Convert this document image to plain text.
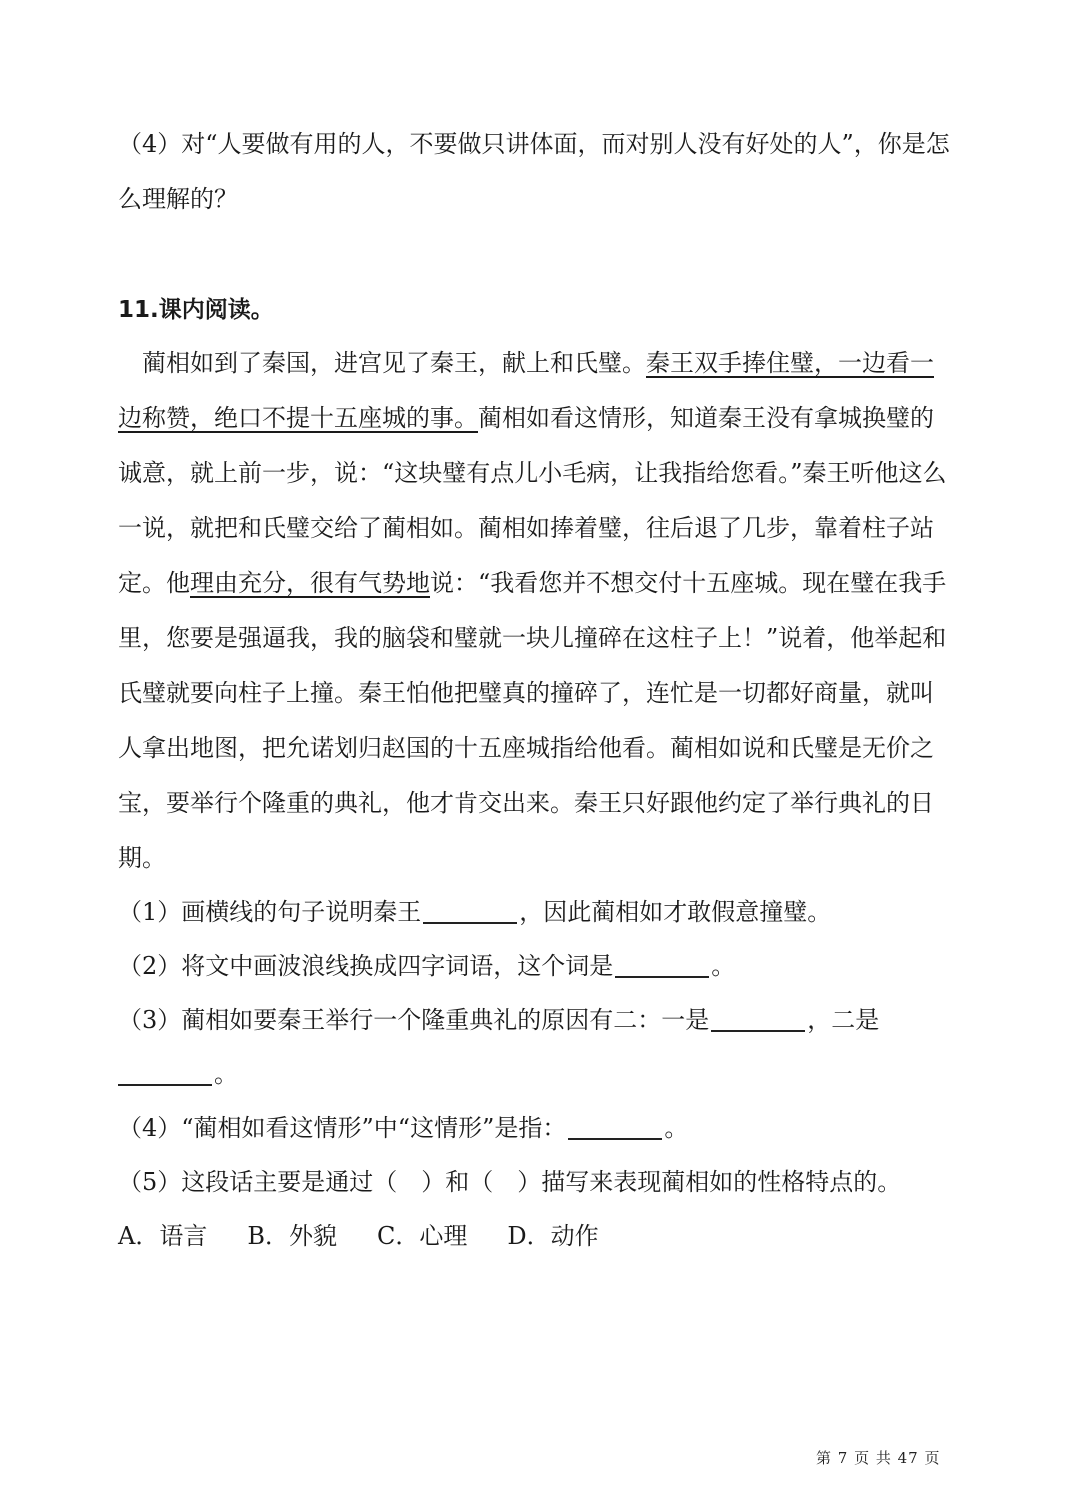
（4）对“人要做有用的人，不要做只讲体面，而对别人没有好处的人”，你是怎
么理解的？
11.课内阅读。
　蔺相如到了秦国，进宫见了秦王，献上和氏璧。秦王双手捧住璧，一边看一
边称赞，绝口不提十五座城的事。蔺相如看这情形，知道秦王没有拿城换璧的
诚意，就上前一步，说：“这块璧有点儿小毛病，让我指给您看。”秦王听他这么
一说，就把和氏璧交给了蔺相如。蔺相如捧着璧，往后退了几步，靠着柱子站
定。他理由充分，很有气势地说：“我看您并不想交付十五座城。现在璧在我手
里，您要是强逼我，我的脑袋和璧就一块儿撞碎在这柱子上！”说着，他举起和
氏璧就要向柱子上撞。秦王怕他把璧真的撞碎了，连忙是一切都好商量，就叫
人拿出地图，把允诺划归赵国的十五座城指给他看。蔺相如说和氏璧是无价之
宝，要举行个隆重的典礼，他才肯交出来。秦王只好跟他约定了举行典礼的日
期。
（1）画横线的句子说明秦王	，因此蔺相如才敢假意撞璧。
（2）将文中画波浪线换成四字词语，这个词是	。
（3）蔺相如要秦王举行一个隆重典礼的原因有二：一是	，二是
。
（4）“蔺相如看这情形”中“这情形”是指：	。
（5）这段话主要是通过（　）和（　）描写来表现蔺相如的性格特点的。
A．语言 B．外貌 C．心理 D．动作
第 7 页 共 47 页
